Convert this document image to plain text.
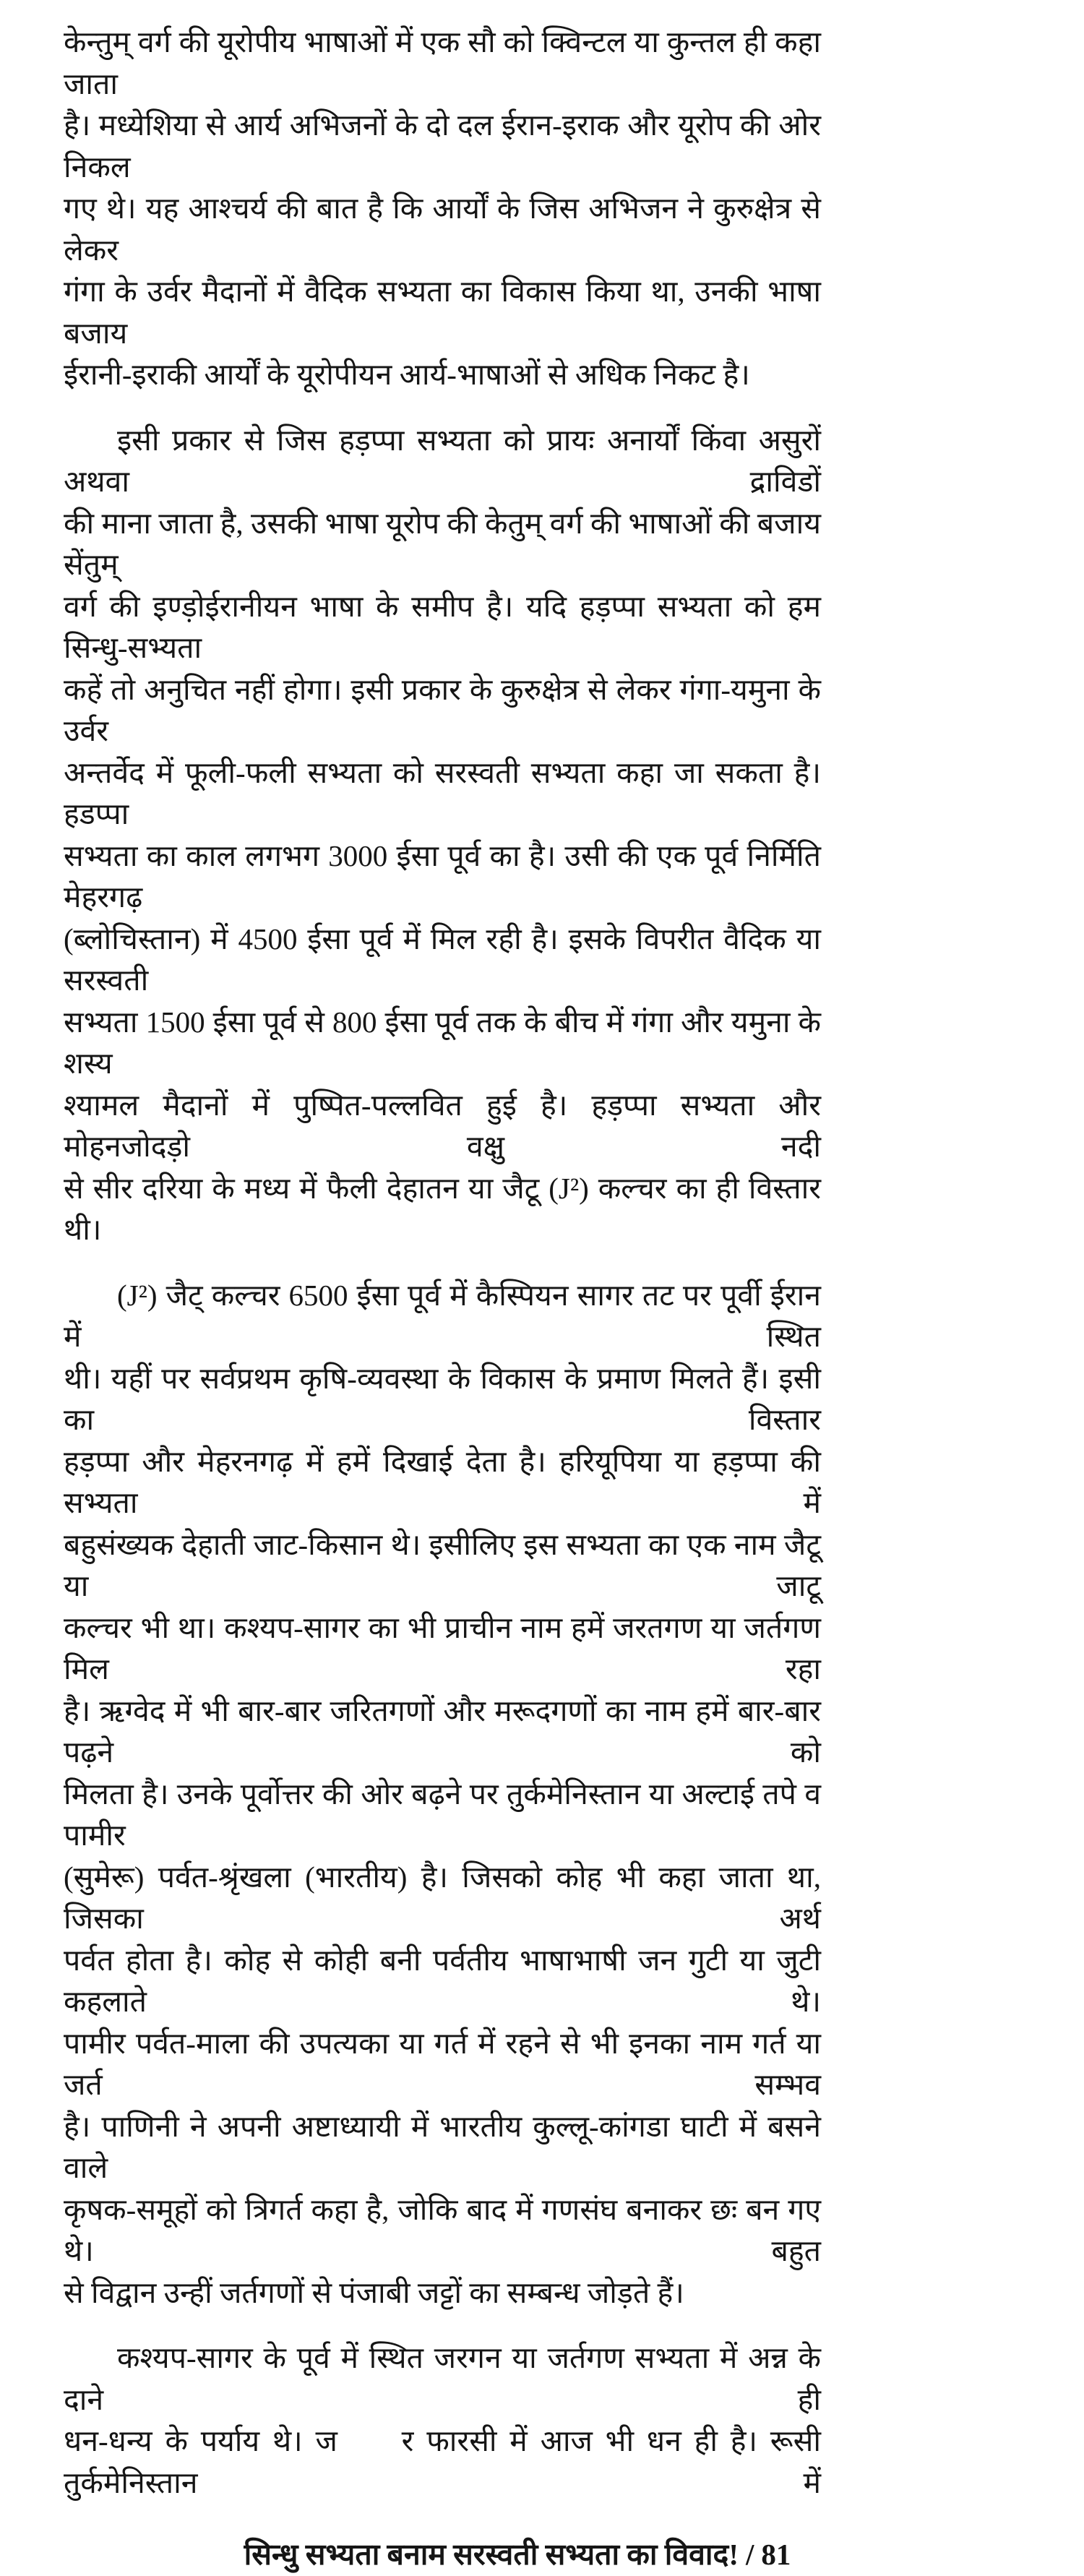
केन्तुम् वर्ग की यूरोपीय भाषाओं में एक सौ को क्विन्टल या कुन्तल ही कहा जाता
है। मध्येशिया से आर्य अभिजनों के दो दल ईरान-इराक और यूरोप की ओर निकल
गए थे। यह आश्चर्य की बात है कि आर्यों के जिस अभिजन ने कुरुक्षेत्र से लेकर
गंगा के उर्वर मैदानों में वैदिक सभ्यता का विकास किया था, उनकी भाषा बजाय
ईरानी-इराकी आर्यों के यूरोपीयन आर्य-भाषाओं से अधिक निकट है।
इसी प्रकार से जिस हड़प्पा सभ्यता को प्रायः अनार्यों किंवा असुरों अथवा द्राविडों
की माना जाता है, उसकी भाषा यूरोप की केतुम् वर्ग की भाषाओं की बजाय सेंतुम्
वर्ग की इण्ड़ोईरानीयन भाषा के समीप है। यदि हड़प्पा सभ्यता को हम सिन्धु-सभ्यता
कहें तो अनुचित नहीं होगा। इसी प्रकार के कुरुक्षेत्र से लेकर गंगा-यमुना के उर्वर
अन्तर्वेद में फूली-फली सभ्यता को सरस्वती सभ्यता कहा जा सकता है। हडप्पा
सभ्यता का काल लगभग 3000 ईसा पूर्व का है। उसी की एक पूर्व निर्मिति मेहरगढ़
(ब्लोचिस्तान) में 4500 ईसा पूर्व में मिल रही है। इसके विपरीत वैदिक या सरस्वती
सभ्यता 1500 ईसा पूर्व से 800 ईसा पूर्व तक के बीच में गंगा और यमुना के शस्य
श्यामल मैदानों में पुष्पित-पल्लवित हुई है। हड़प्पा सभ्यता और मोहनजोदड़ो वक्षु नदी
से सीर दरिया के मध्य में फैली देहातन या जैटू (J²) कल्चर का ही विस्तार थी।
(J²) जैट् कल्चर 6500 ईसा पूर्व में कैस्पियन सागर तट पर पूर्वी ईरान में स्थित
थी। यहीं पर सर्वप्रथम कृषि-व्यवस्था के विकास के प्रमाण मिलते हैं। इसी का विस्तार
हड़प्पा और मेहरनगढ़ में हमें दिखाई देता है। हरियूपिया या हड़प्पा की सभ्यता में
बहुसंख्यक देहाती जाट-किसान थे। इसीलिए इस सभ्यता का एक नाम जैटू या जाटू
कल्चर भी था। कश्यप-सागर का भी प्राचीन नाम हमें जरतगण या जर्तगण मिल रहा
है। ऋग्वेद में भी बार-बार जरितगणों और मरूदगणों का नाम हमें बार-बार पढ़ने को
मिलता है। उनके पूर्वोत्तर की ओर बढ़ने पर तुर्कमेनिस्तान या अल्टाई तपे व पामीर
(सुमेरू) पर्वत-श्रृंखला (भारतीय) है। जिसको कोह भी कहा जाता था, जिसका अर्थ
पर्वत होता है। कोह से कोही बनी पर्वतीय भाषाभाषी जन गुटी या जुटी कहलाते थे।
पामीर पर्वत-माला की उपत्यका या गर्त में रहने से भी इनका नाम गर्त या जर्त सम्भव
है। पाणिनी ने अपनी अष्टाध्यायी में भारतीय कुल्लू-कांगडा घाटी में बसने वाले
कृषक-समूहों को त्रिगर्त कहा है, जोकि बाद में गणसंघ बनाकर छः बन गए थे। बहुत
से विद्वान उन्हीं जर्तगणों से पंजाबी जट्टों का सम्बन्ध जोड़ते हैं।
कश्यप-सागर के पूर्व में स्थित जरगन या जर्तगण सभ्यता में अन्न के दाने ही
धन-धन्य के पर्याय थे। ज     र फारसी में आज भी धन ही है। रूसी तुर्कमेनिस्तान में
सिन्धु सभ्यता बनाम सरस्वती सभ्यता का विवाद! / 81
